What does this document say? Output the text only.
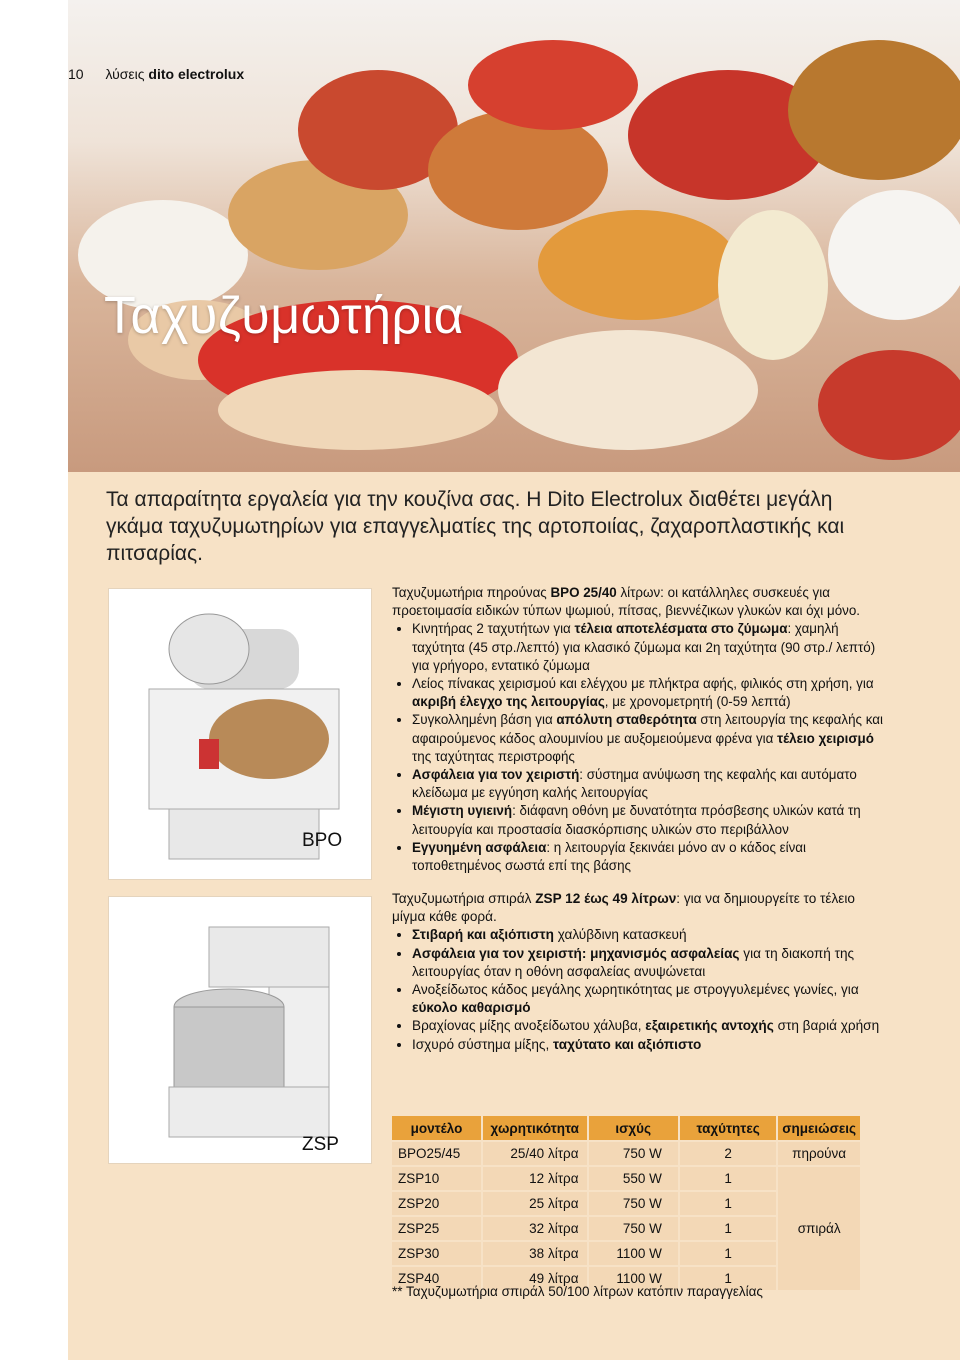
Ταχυζυμωτήρια
10 λύσεις dito electrolux
Τα απαραίτητα εργαλεία για την κουζίνα σας. Η Dito Electrolux διαθέτει μεγάλη γκάμα ταχυζυμωτηρίων για επαγγελματίες της αρτοποιίας, ζαχαροπλαστικής και πιτσαρίας.
BPO
ZSP

Ταχυζυμωτήρια πηρούνας BPO 25/40 λίτρων: οι κατάλληλες συσκευές για προετοιμασία ειδικών τύπων ψωμιού, πίτσας, βιεννέζικων γλυκών και όχι μόνο.

• Κινητήρας 2 ταχυτήτων για τέλεια αποτελέσματα στο ζύμωμα: χαμηλή ταχύτητα (45 στρ./λεπτό) για κλασικό ζύμωμα και 2η ταχύτητα (90 στρ./ λεπτό) για γρήγορο, εντατικό ζύμωμα
• Λείος πίνακας χειρισμού και ελέγχου με πλήκτρα αφής, φιλικός στη χρήση, για ακριβή έλεγχο της λειτουργίας, με χρονομετρητή (0-59 λεπτά)
• Συγκολλημένη βάση για απόλυτη σταθερότητα στη λειτουργία της κεφαλής και αφαιρούμενος κάδος αλουμινίου με αυξομειούμενα φρένα για τέλειο χειρισμό της ταχύτητας περιστροφής
• Ασφάλεια για τον χειριστή: σύστημα ανύψωση της κεφαλής και αυτόματο κλείδωμα με εγγύηση καλής λειτουργίας
• Μέγιστη υγιεινή: διάφανη οθόνη με δυνατότητα πρόσβεσης υλικών κατά τη λειτουργία και προστασία διασκόρπισης υλικών στο περιβάλλον
• Εγγυημένη ασφάλεια: η λειτουργία ξεκινάει μόνο αν ο κάδος είναι τοποθετημένος σωστά επί της βάσης

Ταχυζυμωτήρια σπιράλ ZSP 12 έως 49 λίτρων: για να δημιουργείτε το τέλειο μίγμα κάθε φορά.

• Στιβαρή και αξιόπιστη χαλύβδινη κατασκευή
• Ασφάλεια για τον χειριστή: μηχανισμός ασφαλείας για τη διακοπή της λειτουργίας όταν η οθόνη ασφαλείας ανυψώνεται
• Ανοξείδωτος κάδος μεγάλης χωρητικότητας με στρογγυλεμένες γωνίες, για εύκολο καθαρισμό
• Βραχίονας μίξης ανοξείδωτου χάλυβα, εξαιρετικής αντοχής στη βαριά χρήση
• Ισχυρό σύστημα μίξης, ταχύτατο και αξιόπιστο
μοντέλο	χωρητικότητα	ισχύς	ταχύτητες	σημειώσεις
BPO25/45	25/40 λίτρα	750 W	2	πηρούνα
ZSP10	12 λίτρα	550 W	1	σπιράλ
ZSP20	25 λίτρα	750 W	1	
ZSP25	32 λίτρα	750 W	1	
ZSP30	38 λίτρα	1100 W	1	
ZSP40	49 λίτρα	1100 W	1	
** Ταχυζυμωτήρια σπιράλ 50/100 λίτρων κατόπιν παραγγελίας
